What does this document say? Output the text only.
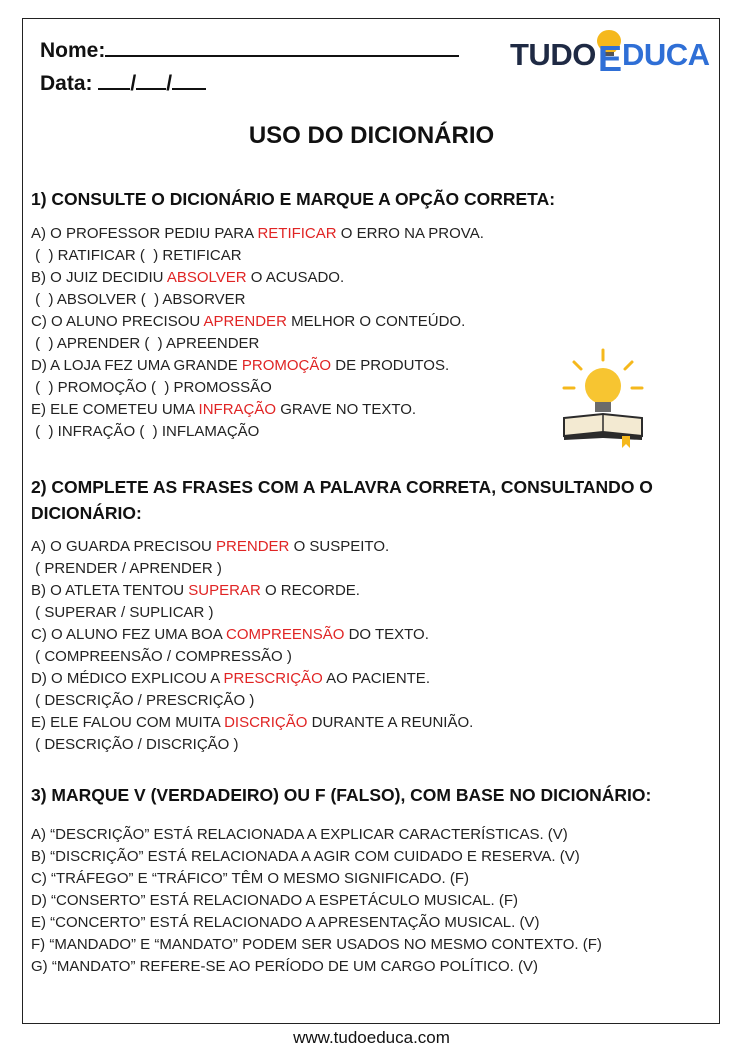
Nome:
Data: / /
TUDO E DUCA
USO DO DICIONÁRIO
1) CONSULTE O DICIONÁRIO E MARQUE A OPÇÃO CORRETA:
A) O PROFESSOR PEDIU PARA RETIFICAR O ERRO NA PROVA.
(  ) RATIFICAR (  ) RETIFICAR
B) O JUIZ DECIDIU ABSOLVER O ACUSADO.
(  ) ABSOLVER (  ) ABSORVER
C) O ALUNO PRECISOU APRENDER MELHOR O CONTEÚDO.
(  ) APRENDER (  ) APREENDER
D) A LOJA FEZ UMA GRANDE PROMOÇÃO DE PRODUTOS.
(  ) PROMOÇÃO (  ) PROMOSSÃO
E) ELE COMETEU UMA INFRAÇÃO GRAVE NO TEXTO.
(  ) INFRAÇÃO (  ) INFLAMAÇÃO
2) COMPLETE AS FRASES COM A PALAVRA CORRETA, CONSULTANDO O
DICIONÁRIO:
A) O GUARDA PRECISOU PRENDER O SUSPEITO.
( PRENDER / APRENDER )
B) O ATLETA TENTOU SUPERAR O RECORDE.
( SUPERAR / SUPLICAR )
C) O ALUNO FEZ UMA BOA COMPREENSÃO DO TEXTO.
( COMPREENSÃO / COMPRESSÃO )
D) O MÉDICO EXPLICOU A PRESCRIÇÃO AO PACIENTE.
( DESCRIÇÃO / PRESCRIÇÃO )
E) ELE FALOU COM MUITA DISCRIÇÃO DURANTE A REUNIÃO.
( DESCRIÇÃO / DISCRIÇÃO )
3) MARQUE V (VERDADEIRO) OU F (FALSO), COM BASE NO DICIONÁRIO:
A) “DESCRIÇÃO” ESTÁ RELACIONADA A EXPLICAR CARACTERÍSTICAS. (V)
B) “DISCRIÇÃO” ESTÁ RELACIONADA A AGIR COM CUIDADO E RESERVA. (V)
C) “TRÁFEGO” E “TRÁFICO” TÊM O MESMO SIGNIFICADO. (F)
D) “CONSERTO” ESTÁ RELACIONADO A ESPETÁCULO MUSICAL. (F)
E) “CONCERTO” ESTÁ RELACIONADO A APRESENTAÇÃO MUSICAL. (V)
F) “MANDADO” E “MANDATO” PODEM SER USADOS NO MESMO CONTEXTO. (F)
G) “MANDATO” REFERE-SE AO PERÍODO DE UM CARGO POLÍTICO. (V)
www.tudoeduca.com
